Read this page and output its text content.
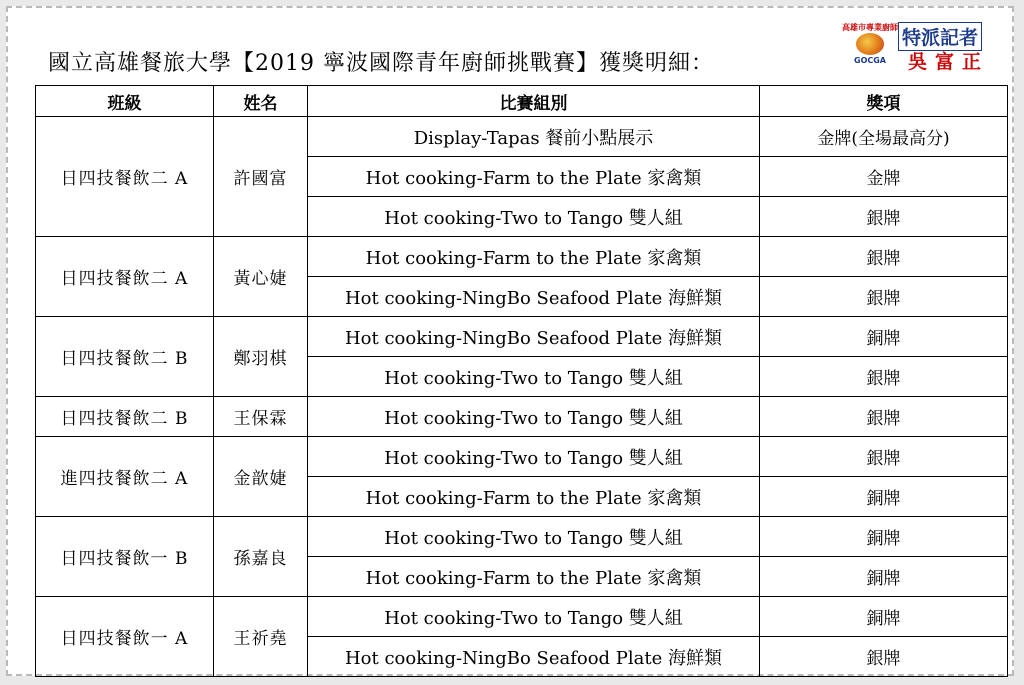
國立高雄餐旅大學【2019 寧波國際青年廚師挑戰賽】獲獎明細：
高雄市專業廚師
GOCGA
特派記者
吳富正
班級	姓名	比賽組別	獎項
日四技餐飲二 A	許國富	Display-Tapas 餐前小點展示	金牌(全場最高分)
		Hot cooking-Farm to the Plate 家禽類	金牌
		Hot cooking-Two to Tango 雙人組	銀牌
日四技餐飲二 A	黃心婕	Hot cooking-Farm to the Plate 家禽類	銀牌
		Hot cooking-NingBo Seafood Plate 海鮮類	銀牌
日四技餐飲二 B	鄭羽棋	Hot cooking-NingBo Seafood Plate 海鮮類	銅牌
		Hot cooking-Two to Tango 雙人組	銀牌
日四技餐飲二 B	王保霖	Hot cooking-Two to Tango 雙人組	銀牌
進四技餐飲二 A	金歆婕	Hot cooking-Two to Tango 雙人組	銀牌
		Hot cooking-Farm to the Plate 家禽類	銅牌
日四技餐飲一 B	孫嘉良	Hot cooking-Two to Tango 雙人組	銅牌
		Hot cooking-Farm to the Plate 家禽類	銅牌
日四技餐飲一 A	王祈堯	Hot cooking-Two to Tango 雙人組	銅牌
		Hot cooking-NingBo Seafood Plate 海鮮類	銀牌
